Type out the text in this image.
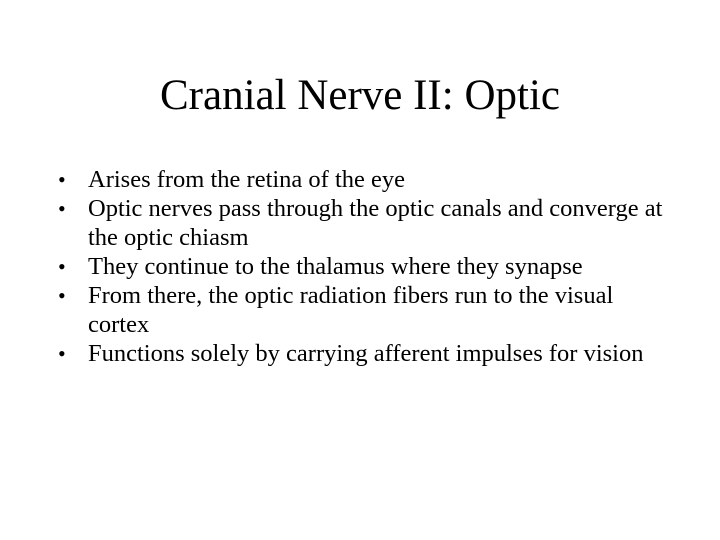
Cranial Nerve II: Optic
• Arises from the retina of the eye
• Optic nerves pass through the optic canals and converge at the optic chiasm
• They continue to the thalamus where they synapse
• From there, the optic radiation fibers run to the visual cortex
• Functions solely by carrying afferent impulses for vision
